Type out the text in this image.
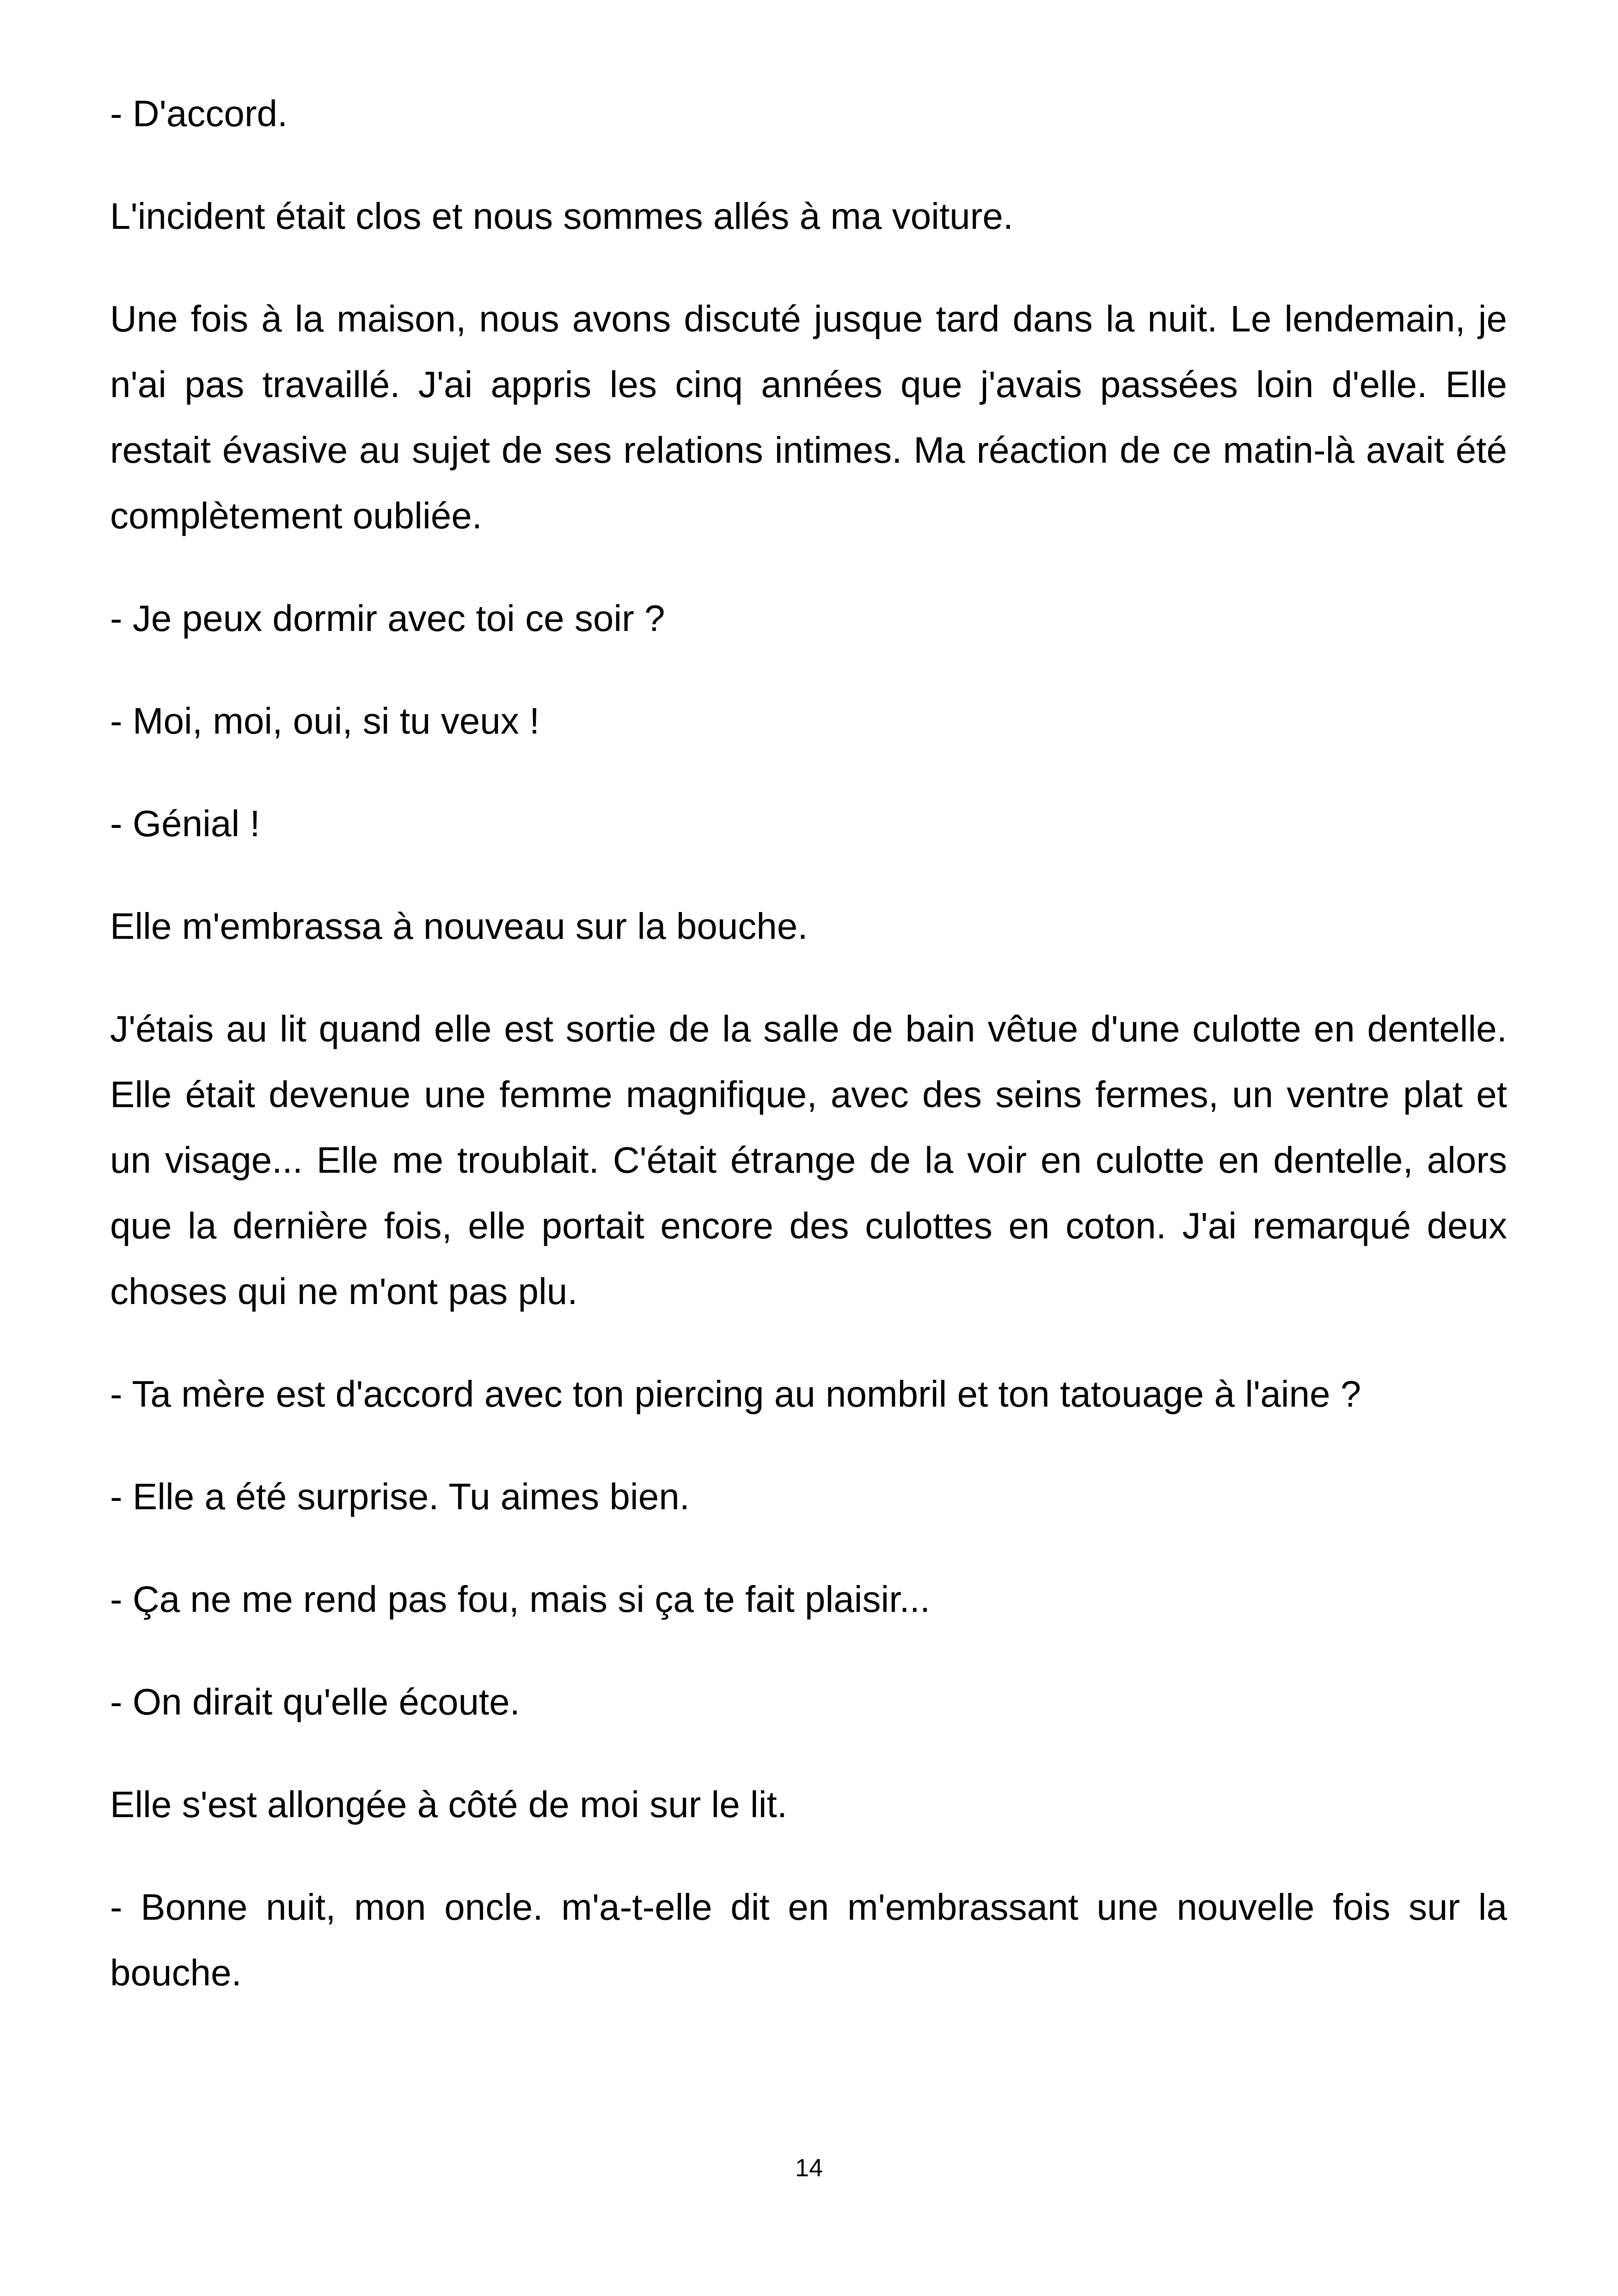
- D'accord.

L'incident était clos et nous sommes allés à ma voiture.

Une fois à la maison, nous avons discuté jusque tard dans la nuit. Le lendemain, je n'ai pas travaillé. J'ai appris les cinq années que j'avais passées loin d'elle. Elle restait évasive au sujet de ses relations intimes. Ma réaction de ce matin-là avait été complètement oubliée.

- Je peux dormir avec toi ce soir ?

- Moi, moi, oui, si tu veux !

- Génial !

Elle m'embrassa à nouveau sur la bouche.

J'étais au lit quand elle est sortie de la salle de bain vêtue d'une culotte en dentelle. Elle était devenue une femme magnifique, avec des seins fermes, un ventre plat et un visage... Elle me troublait. C'était étrange de la voir en culotte en dentelle, alors que la dernière fois, elle portait encore des culottes en coton. J'ai remarqué deux choses qui ne m'ont pas plu.

- Ta mère est d'accord avec ton piercing au nombril et ton tatouage à l'aine ?

- Elle a été surprise. Tu aimes bien.

- Ça ne me rend pas fou, mais si ça te fait plaisir...

- On dirait qu'elle écoute.

Elle s'est allongée à côté de moi sur le lit.

- Bonne nuit, mon oncle. m'a-t-elle dit en m'embrassant une nouvelle fois sur la bouche.

14
